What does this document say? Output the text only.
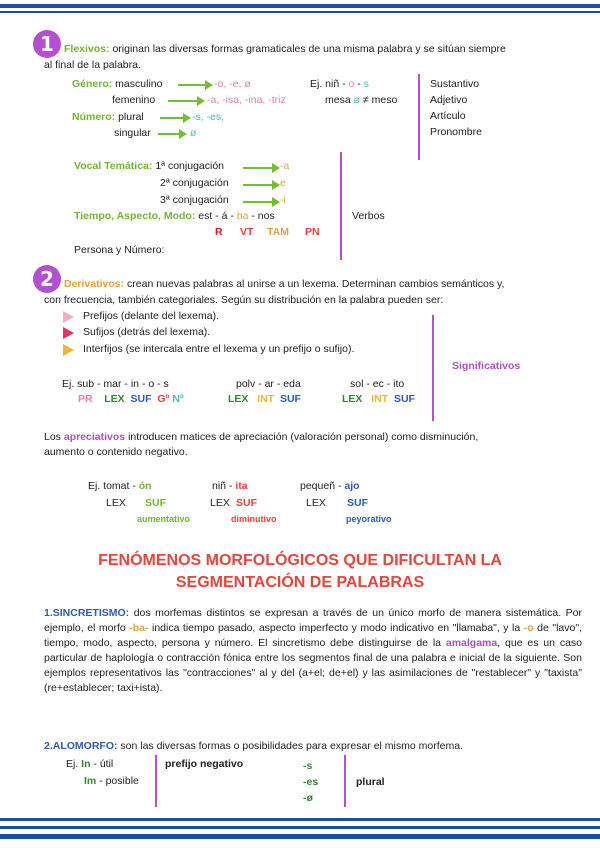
1 Flexivos: originan las diversas formas gramaticales de una misma palabra y se sitúan siempre
al final de la palabra.
Género: masculino	-o, -e, ø
femenino	-a, -isa, -ina, -triz
Número: plural	-s, -es,
singular	ø
Ej. niñ - o - s
mesa ø ≠ meso
Sustantivo
Adjetivo
Artículo
Pronombre
Vocal Temática: 1ª conjugación	-a
2ª conjugación	e
3ª conjugación	-i
Tiempo, Aspecto, Modo: est - á - ba - nos
R VT TAM PN
Persona y Número:
Verbos
2 Derivativos: crean nuevas palabras al unirse a un lexema. Determinan cambios semánticos y,
con frecuencia, también categoriales. Según su distribución en la palabra pueden ser:
Prefijos (delante del lexema).
Sufijos (detrás del lexema).
Interfijos (se intercala entre el lexema y un prefijo o sufijo).
Significativos
Ej. sub - mar - in - o - s	polv - ar - eda	sol - ec - ito
PR LEX SUF Gº Nº	LEX INT SUF	LEX INT SUF
Los apreciativos introducen matices de apreciación (valoración personal) como disminución,
aumento o contenido negativo.
Ej. tomat - ón	niñ - ita	pequeñ - ajo
LEX SUF	LEX SUF	LEX SUF
aumentativo	diminutivo	peyorativo
FENÓMENOS MORFOLÓGICOS QUE DIFICULTAN LA
SEGMENTACIÓN DE PALABRAS
1.SINCRETISMO: dos morfemas distintos se expresan a través de un único morfo de manera sistemática. Por ejemplo, el morfo -ba- indica tiempo pasado, aspecto imperfecto y modo indicativo en "llamaba", y la -o de "lavo", tiempo, modo, aspecto, persona y número. El sincretismo debe distinguirse de la amalgama, que es un caso particular de haplología o contracción fónica entre los segmentos final de una palabra e inicial de la siguiente. Son ejemplos representativos las "contracciones" al y del (a+el; de+el) y las asimilaciones de "restablecer" y "taxista" (re+establecer; taxi+ista).
2.ALOMORFO: son las diversas formas o posibilidades para expresar el mismo morfema.
Ej. In - útil
Im - posible
prefijo negativo	-s
-es
-ø
plural
